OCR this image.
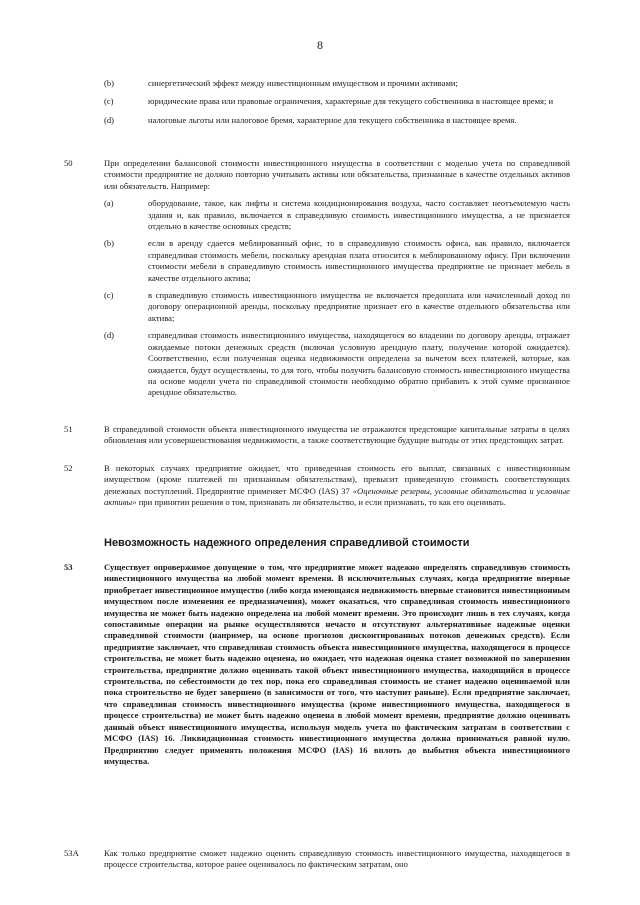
8
(b)	синергетический эффект между инвестиционным имуществом и прочими активами;
(c)	юридические права или правовые ограничения, характерные для текущего собственника в настоящее время; и
(d)	налоговые льготы или налоговое бремя, характерное для текущего собственника в настоящее время.
50	При определении балансовой стоимости инвестиционного имущества в соответствии с моделью учета по справедливой стоимости предприятие не должно повторно учитывать активы или обязательства, признанные в качестве отдельных активов или обязательств. Например:
(a)	оборудование, такое, как лифты и система кондиционирования воздуха, часто составляет неотъемлемую часть здания и, как правило, включается в справедливую стоимость инвестиционного имущества, а не признается отдельно в качестве основных средств;
(b)	если в аренду сдается меблированный офис, то в справедливую стоимость офиса, как правило, включается справедливая стоимость мебели, поскольку арендная плата относится к меблированному офису. При включении стоимости мебели в справедливую стоимость инвестиционного имущества предприятие не признает мебель в качестве отдельного актива;
(c)	в справедливую стоимость инвестиционного имущества не включается предоплата или начисленный доход по договору операционной аренды, поскольку предприятие признает его в качестве отдельного обязательства или актива;
(d)	справедливая стоимость инвестиционного имущества, находящегося во владении по договору аренды, отражает ожидаемые потоки денежных средств (включая условную арендную плату, получение которой ожидается). Соответственно, если полученная оценка недвижимости определена за вычетом всех платежей, которые, как ожидается, будут осуществлены, то для того, чтобы получить балансовую стоимость инвестиционного имущества на основе модели учета по справедливой стоимости необходимо обратно прибавить к этой сумме признанное арендное обязательство.
51	В справедливой стоимости объекта инвестиционного имущества не отражаются предстоящие капитальные затраты в целях обновления или усовершенствования недвижимости, а также соответствующие будущие выгоды от этих предстоящих затрат.
52	В некоторых случаях предприятие ожидает, что приведенная стоимость его выплат, связанных с инвестиционным имуществом (кроме платежей по признанным обязательствам), превысит приведенную стоимость соответствующих денежных поступлений. Предприятие применяет МСФО (IAS) 37 «Оценочные резервы, условные обязательства и условные активы» при принятии решения о том, признавать ли обязательство, и если признавать, то как его оценивать.
Невозможность надежного определения справедливой стоимости
53	Существует опровержимое допущение о том, что предприятие может надежно определять справедливую стоимость инвестиционного имущества на любой момент времени. В исключительных случаях, когда предприятие впервые приобретает инвестиционное имущество (либо когда имеющаяся недвижимость впервые становится инвестиционным имуществом после изменения ее предназначения), может оказаться, что справедливая стоимость инвестиционного имущества не может быть надежно определена на любой момент времени. Это происходит лишь в тех случаях, когда сопоставимые операции на рынке осуществляются нечасто и отсутствуют альтернативные надежные оценки справедливой стоимости (например, на основе прогнозов дисконтированных потоков денежных средств). Если предприятие заключает, что справедливая стоимость объекта инвестиционного имущества, находящегося в процессе строительства, не может быть надежно оценена, но ожидает, что надежная оценка станет возможной по завершении строительства, предприятие должно оценивать такой объект инвестиционного имущества, находящийся в процессе строительства, по себестоимости до тех пор, пока его справедливая стоимость не станет надежно оцениваемой или пока строительство не будет завершено (в зависимости от того, что наступит раньше). Если предприятие заключает, что справедливая стоимость инвестиционного имущества (кроме инвестиционного имущества, находящегося в процессе строительства) не может быть надежно оценена в любой момент времени, предприятие должно оценивать данный объект инвестиционного имущества, используя модель учета по фактическим затратам в соответствии с МСФО (IAS) 16. Ликвидационная стоимость инвестиционного имущества должна приниматься равной нулю. Предприятию следует применять положения МСФО (IAS) 16 вплоть до выбытия объекта инвестиционного имущества.
53A	Как только предприятие сможет надежно оценить справедливую стоимость инвестиционного имущества, находящегося в процессе строительства, которое ранее оценивалось по фактическим затратам, оно
